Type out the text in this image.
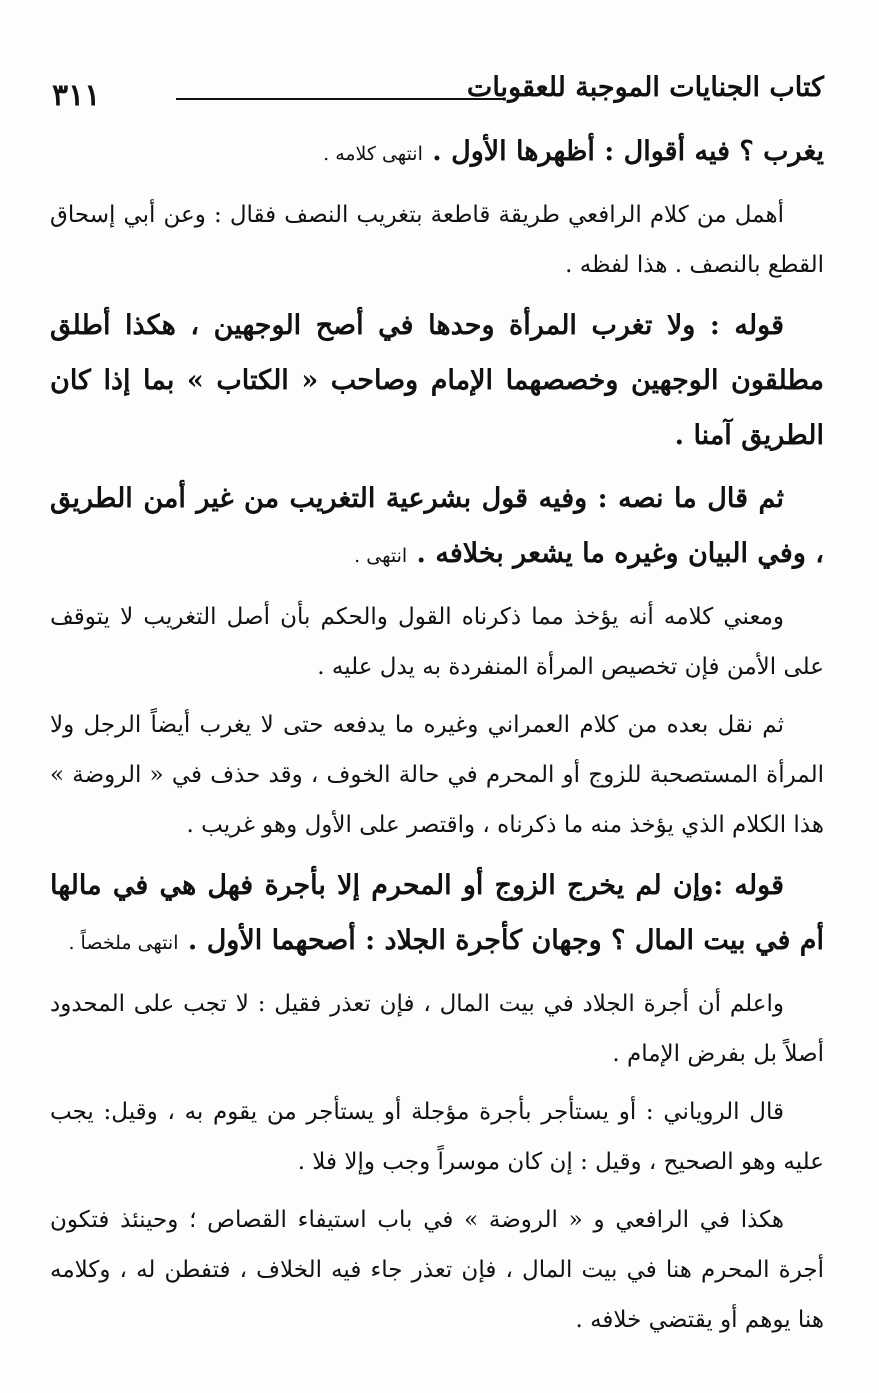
٣١١	كتاب الجنايات الموجبة للعقوبات

يغرب ؟ فيه أقوال : أظهرها الأول . انتهى كلامه .

أهمل من كلام الرافعي طريقة قاطعة بتغريب النصف فقال : وعن أبي إسحاق القطع بالنصف . هذا لفظه .

قوله : ولا تغرب المرأة وحدها في أصح الوجهين ، هكذا أطلق مطلقون الوجهين وخصصهما الإمام وصاحب « الكتاب » بما إذا كان الطريق آمنا .

ثم قال ما نصه : وفيه قول بشرعية التغريب من غير أمن الطريق ، وفي البيان وغيره ما يشعر بخلافه . انتهى .

ومعني كلامه أنه يؤخذ مما ذكرناه القول والحكم بأن أصل التغريب لا يتوقف على الأمن فإن تخصيص المرأة المنفردة به يدل عليه .

ثم نقل بعده من كلام العمراني وغيره ما يدفعه حتى لا يغرب أيضاً الرجل ولا المرأة المستصحبة للزوج أو المحرم في حالة الخوف ، وقد حذف في « الروضة » هذا الكلام الذي يؤخذ منه ما ذكرناه ، واقتصر على الأول وهو غريب .

قوله :وإن لم يخرج الزوج أو المحرم إلا بأجرة فهل هي في مالها أم في بيت المال ؟ وجهان كأجرة الجلاد : أصحهما الأول . انتهى ملخصاً .

واعلم أن أجرة الجلاد في بيت المال ، فإن تعذر فقيل : لا تجب على المحدود أصلاً بل بفرض الإمام .

قال الروياني : أو يستأجر بأجرة مؤجلة أو يستأجر من يقوم به ، وقيل: يجب عليه وهو الصحيح ، وقيل : إن كان موسراً وجب وإلا فلا .

هكذا في الرافعي و « الروضة » في باب استيفاء القصاص ؛ وحينئذ فتكون أجرة المحرم هنا في بيت المال ، فإن تعذر جاء فيه الخلاف ، فتفطن له ، وكلامه هنا يوهم أو يقتضي خلافه .
